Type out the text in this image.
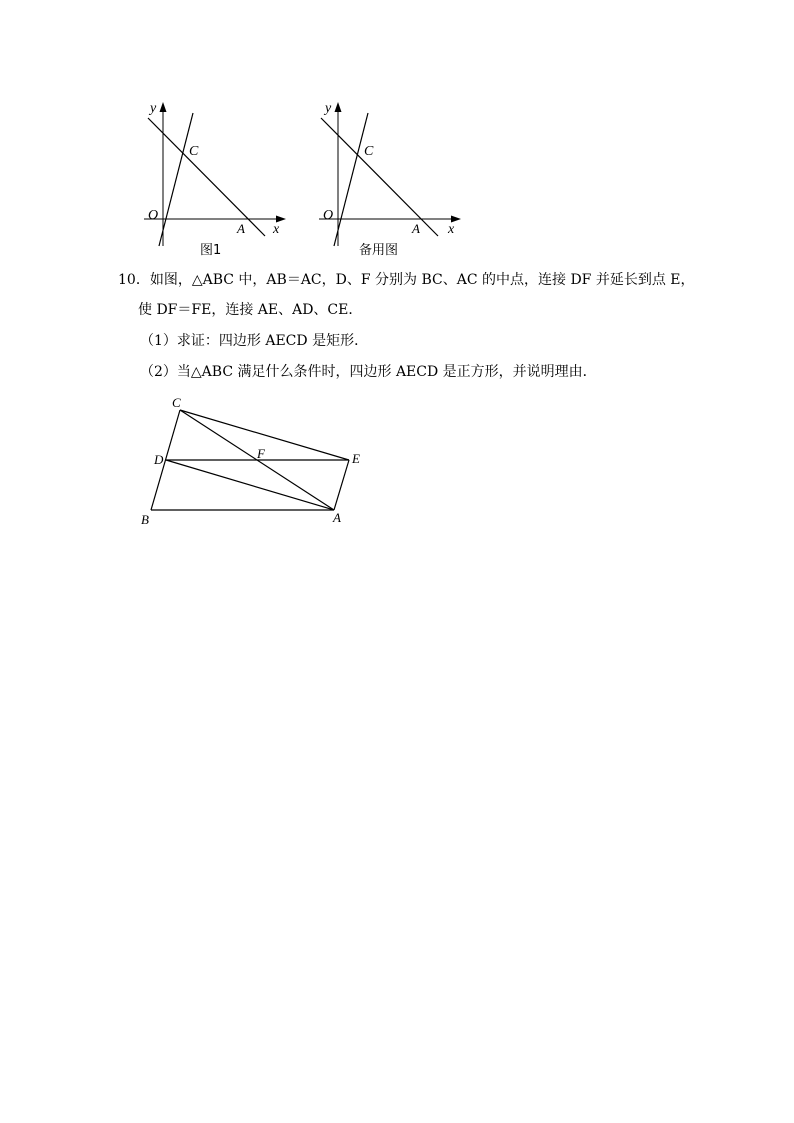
y
C
O
A x
图1
y
C
O
A x
备用图
10．如图，△ABC 中，AB＝AC，D、F 分别为 BC、AC 的中点，连接 DF 并延长到点 E，
使 DF＝FE，连接 AE、AD、CE．
（1）求证：四边形 AECD 是矩形．
（2）当△ABC 满足什么条件时，四边形 AECD 是正方形，并说明理由．
C
D	F	E
B	A
